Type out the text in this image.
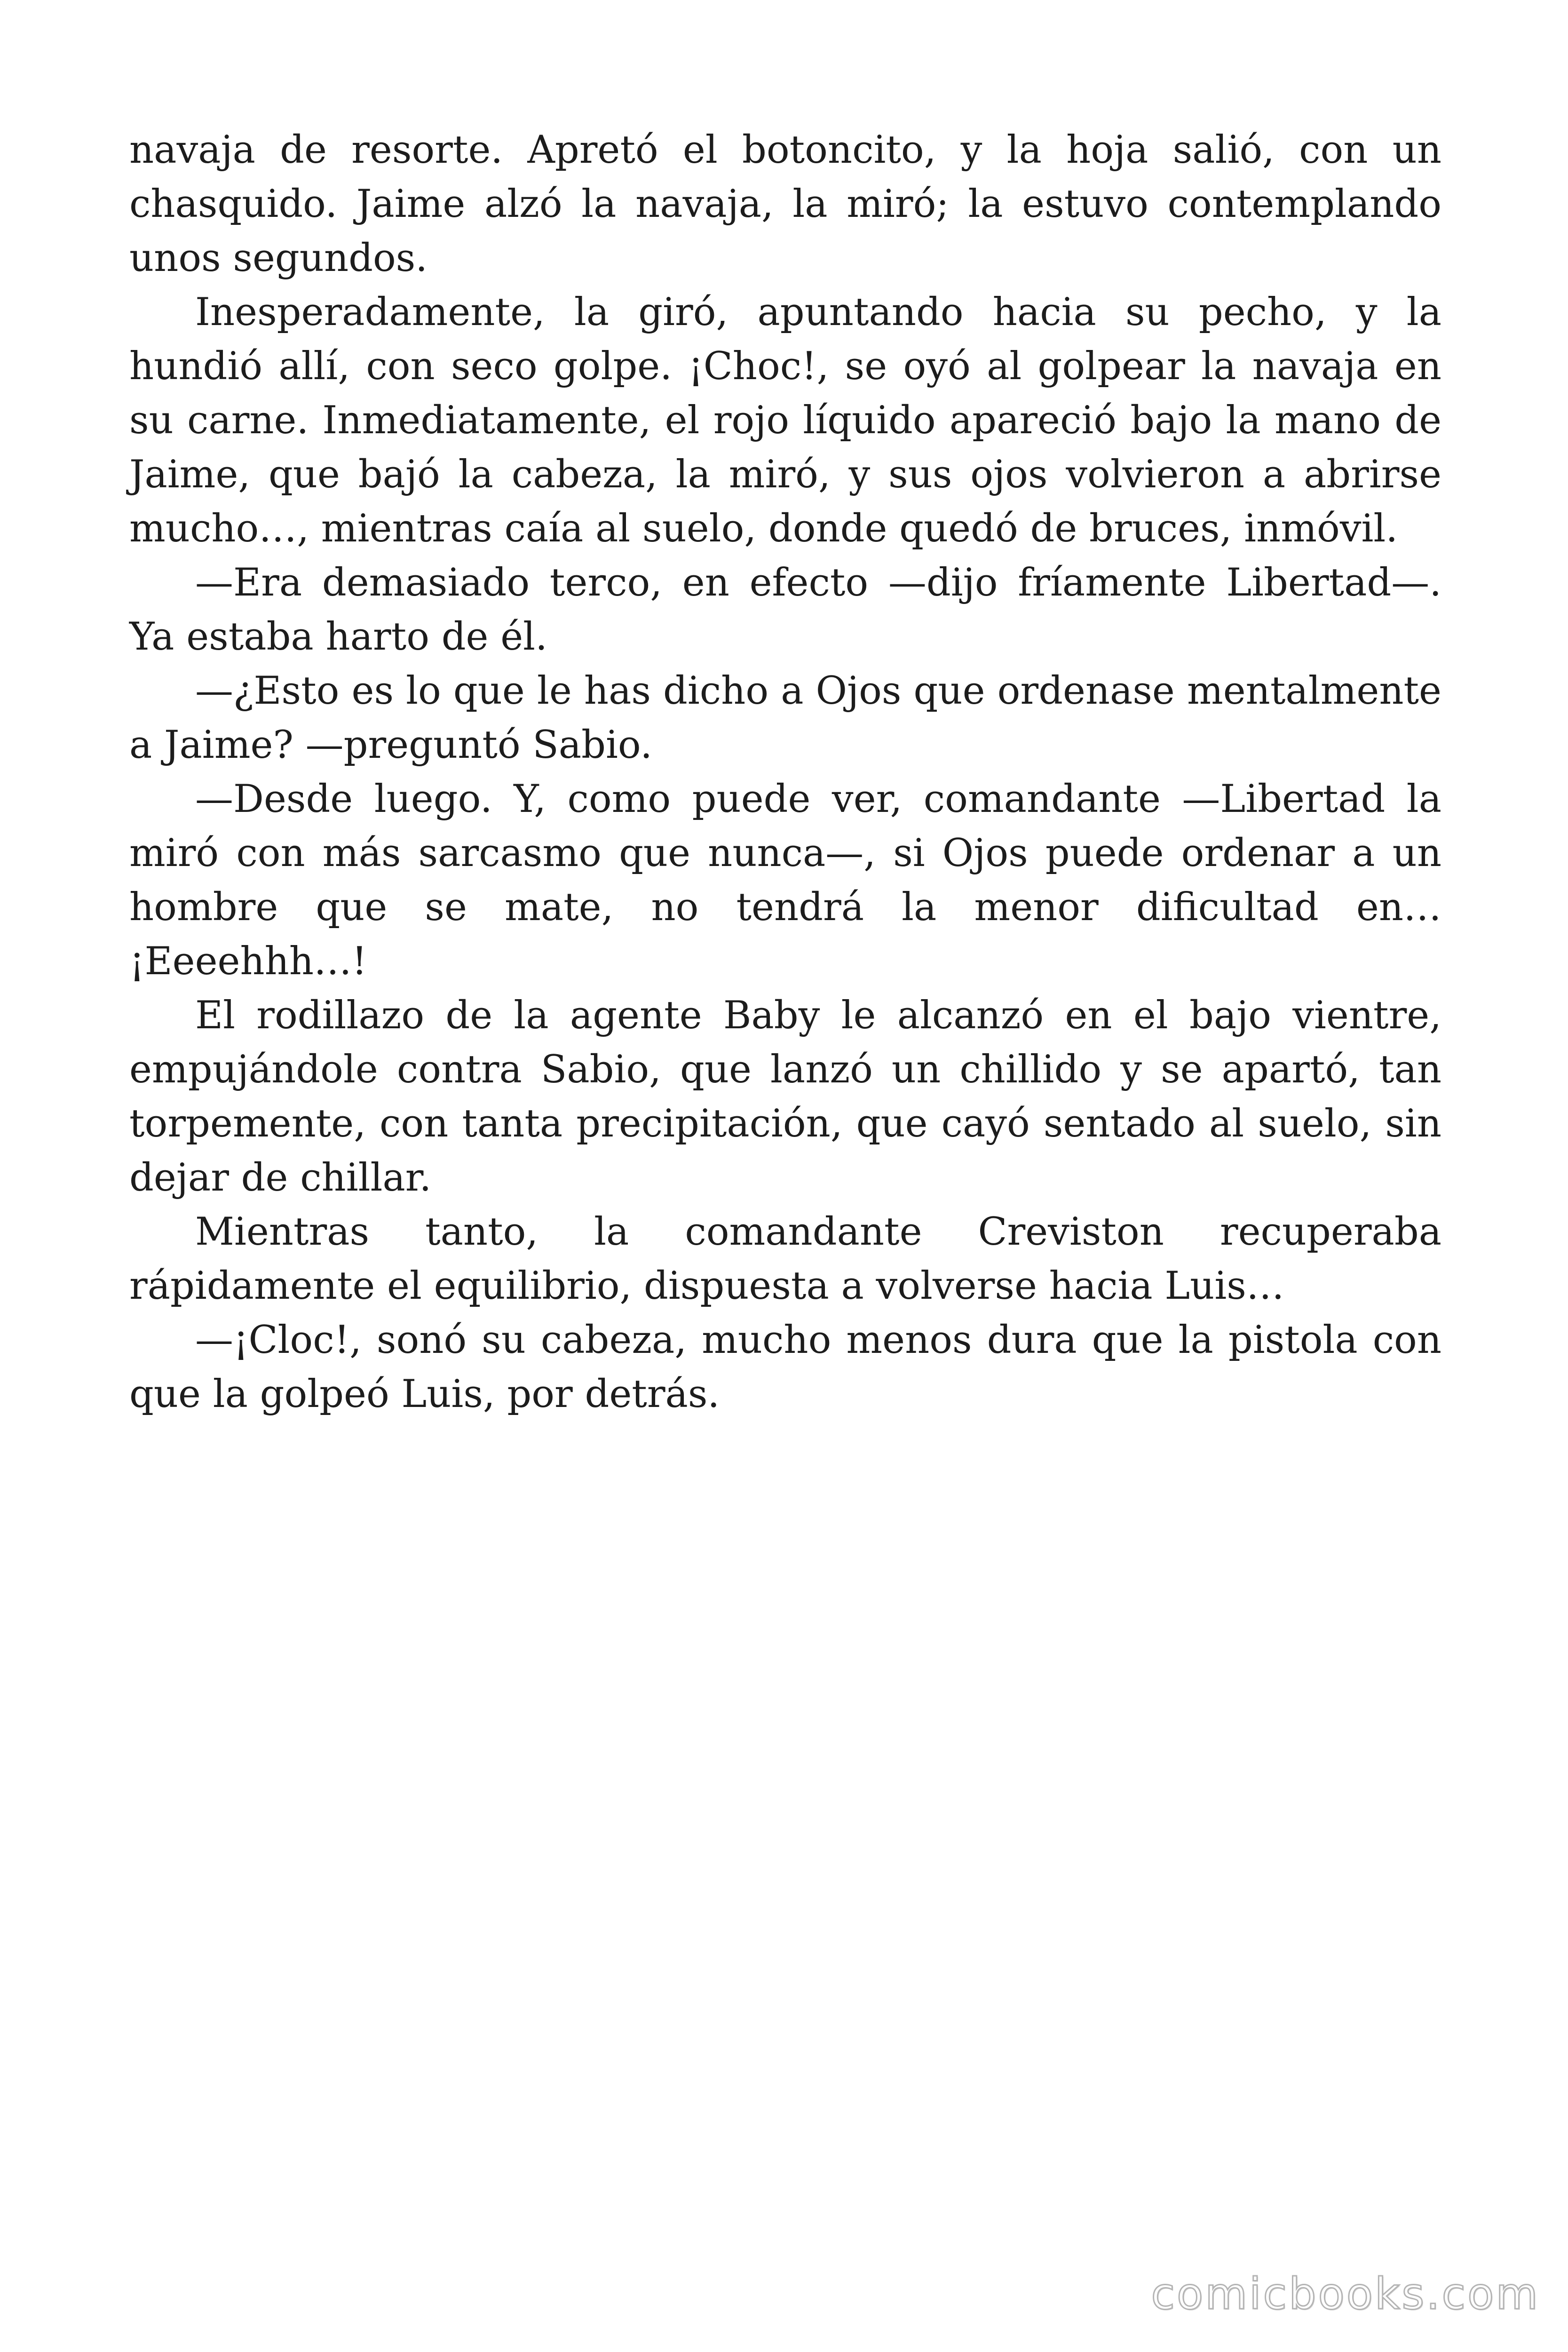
navaja de resorte. Apretó el botoncito, y la hoja salió, con un chasquido. Jaime alzó la navaja, la miró; la estuvo contemplando unos segundos.

Inesperadamente, la giró, apuntando hacia su pecho, y la hundió allí, con seco golpe. ¡Choc!, se oyó al golpear la navaja en su carne. Inmediatamente, el rojo líquido apareció bajo la mano de Jaime, que bajó la cabeza, la miró, y sus ojos volvieron a abrirse mucho…, mientras caía al suelo, donde quedó de bruces, inmóvil.

—Era demasiado terco, en efecto —dijo fríamente Libertad—. Ya estaba harto de él.

—¿Esto es lo que le has dicho a Ojos que ordenase mentalmente a Jaime? —preguntó Sabio.

—Desde luego. Y, como puede ver, comandante —Libertad la miró con más sarcasmo que nunca—, si Ojos puede ordenar a un hombre que se mate, no tendrá la menor dificultad en… ¡Eeeehhh…!

El rodillazo de la agente Baby le alcanzó en el bajo vientre, empujándole contra Sabio, que lanzó un chillido y se apartó, tan torpemente, con tanta precipitación, que cayó sentado al suelo, sin dejar de chillar.

Mientras tanto, la comandante Creviston recuperaba rápidamente el equilibrio, dispuesta a volverse hacia Luis…

—¡Cloc!, sonó su cabeza, mucho menos dura que la pistola con que la golpeó Luis, por detrás.

comicbooks.com
